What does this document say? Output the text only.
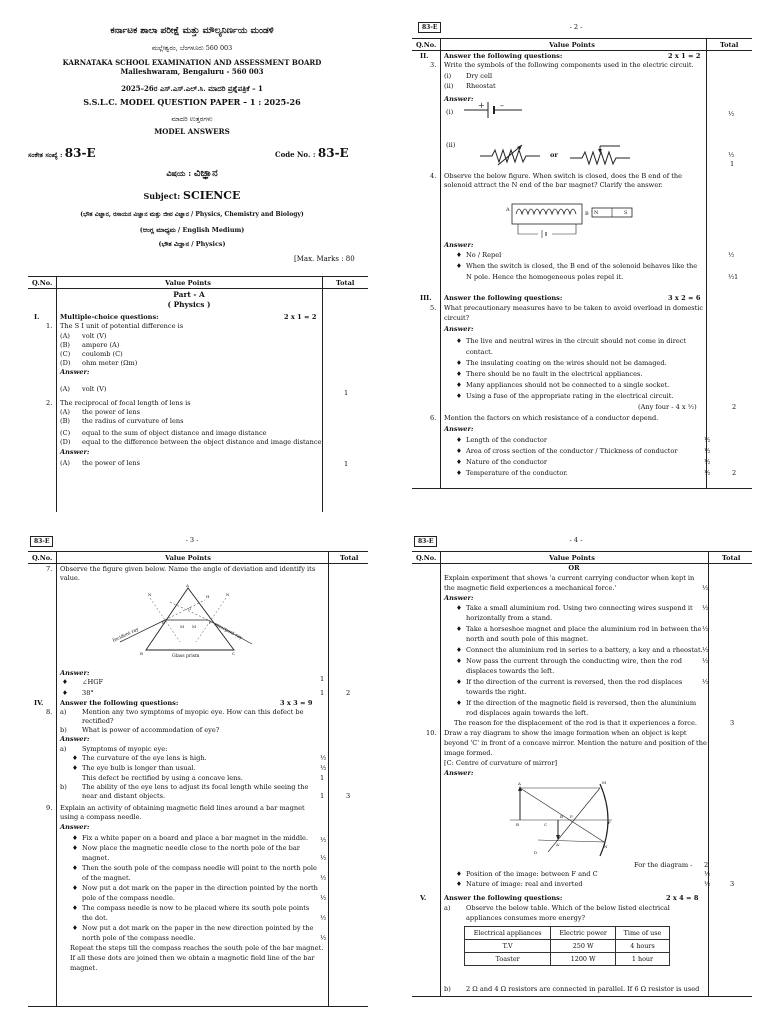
ಕರ್ನಾಟಕ ಶಾಲಾ ಪರೀಕ್ಷೆ ಮತ್ತು ಮೌಲ್ಯನಿರ್ಣಯ ಮಂಡಳಿ
ಮಲ್ಲೇಶ್ವರಂ, ಬೆಂಗಳೂರು 560 003
KARNATAKA SCHOOL EXAMINATION AND ASSESSMENT BOARD
Malleshwaram, Bengaluru - 560 003
2025–26ರ ಎಸ್.ಎಸ್.ಎಲ್.ಸಿ. ಮಾದರಿ ಪ್ರಶ್ನೆಪತ್ರಿಕೆ – 1
S.S.L.C. MODEL QUESTION PAPER – 1 : 2025-26
ಮಾದರಿ ಉತ್ತರಗಳು
MODEL ANSWERS
ಸಂಕೇತ ಸಂಖ್ಯೆ : 83-E	Code No. : 83-E
ವಿಷಯ : ವಿಜ್ಞಾನ
Subject: SCIENCE
(ಭೌತ ವಿಜ್ಞಾನ, ರಸಾಯನ ವಿಜ್ಞಾನ ಮತ್ತು ಜೀವ ವಿಜ್ಞಾನ / Physics, Chemistry and Biology)
(ಆಂಗ್ಲ ಮಾಧ್ಯಮ / English Medium)
(ಭೌತ ವಿಜ್ಞಾನ / Physics)
[Max. Marks : 80
Q.No.	Value Points	Total
Part - A
( Physics )
I.	Multiple-choice questions:	2 x 1 = 2
1. The S I unit of potential difference is
(A) volt (V)
(B) ampere (A)
(C) coulomb (C)
(D) ohm meter (Ωm)
Answer:
(A) volt (V)	1
2. The reciprocal of focal length of lens is
(A) the power of lens
(B) the radius of curvature of lens
(C) equal to the sum of object distance and image distance
(D) equal to the difference between the object distance and image distance
Answer:
(A) the power of lens	1
83-E	- 2 -
Q.No.	Value Points	Total
II. Answer the following questions:	2 x 1 = 2
3. Write the symbols of the following components used in the electric circuit.
(i) Dry cell
(ii) Rheostat
Answer:
(i)
+ –
½
(ii)
or	½
1
4. Observe the below figure. When switch is closed, does the B end of the
solenoid attract the N end of the bar magnet? Clarify the answer.
A
B N	S
Answer:
♦ No / Repel	½
♦ When the switch is closed, the B end of the solenoid behaves like the
N pole. Hence the homogeneous poles repel it.	½ 1
III. Answer the following questions:	3 x 2 = 6
5. What precautionary measures have to be taken to avoid overload in domestic
circuit?
Answer:
♦ The live and neutral wires in the circuit should not come in direct
contact.
♦ The insulating coating on the wires should not be damaged.
♦ There should be no fault in the electrical appliances.
♦ Many appliances should not be connected to a single socket.
♦ Using a fuse of the appropriate rating in the electrical circuit.
(Any four - 4 x ½)	2
6. Mention the factors on which resistance of a conductor depend.
Answer:
♦ Length of the conductor	½
♦ Area of cross section of the conductor / Thickness of conductor	½
♦ Nature of the conductor	½
♦ Temperature of the conductor.	½	2
83-E	- 3 -
Q.No.	Value Points	Total
7. Observe the figure given below. Name the angle of deviation and identify its
value.
A
B	C
E	F
G
H
N	N
M M
Incident ray	emergent ray
Glass prism
Answer:
♦ ∠HGF	1
♦ 38°	1	2
IV.	Answer the following questions:	3 x 3 = 9
8. a) Mention any two symptoms of myopic eye. How can this defect be
rectified?
b) What is power of accommodation of eye?
Answer:
a) Symptoms of myopic eye:
♦ The curvature of the eye lens is high.	½
♦ The eye bulb is longer than usual.	½
This defect be rectified by using a concave lens.	1
b) The ability of the eye lens to adjust its focal length while seeing the
near and distant objects.	1	3
9. Explain an activity of obtaining magnetic field lines around a bar magnet
using a compass needle.
Answer:
♦ Fix a white paper on a board and place a bar magnet in the middle. ½
♦ Now place the magnetic needle close to the north pole of the bar
magnet.	½
♦ Then the south pole of the compass needle will point to the north pole
of the magnet.	½
♦ Now put a dot mark on the paper in the direction pointed by the north
pole of the compass needle.	½
♦ The compass needle is now to be placed where its south pole points
the dot.	½
♦ Now put a dot mark on the paper in the new direction pointed by the
north pole of the compass needle.	½
Repeat the steps till the compass reaches the south pole of the bar magnet.
If all these dots are joined then we obtain a magnetic field line of the bar
magnet.
83-E	- 4 -
Q.No.	Value Points	Total
OR
Explain experiment that shows 'a current carrying conductor when kept in
the magnetic field experiences a mechanical force.'	½
Answer:
♦ Take a small aluminium rod. Using two connecting wires suspend it
horizontally from a stand.
½
♦ Take a horseshoe magnet and place the aluminium rod in between the
north and south pole of this magnet.
½
♦ Connect the aluminium rod in series to a battery, a key and a rheostat. ½
♦ Now pass the current through the conducting wire, then the rod
displaces towards the left.
½
♦ If the direction of the current is reversed, then the rod displaces
towards the right.
½
♦ If the direction of the magnetic field is reversed, then the aluminium
rod displaces again towards the left.
The reason for the displacement of the rod is that it experiences a force.	3
10. Draw a ray diagram to show the image formation when an object is kept
beyond 'C' in front of a concave mirror. Mention the nature and position of the
image formed.
[C: Centre of curvature of mirror]
Answer:
A
B	C
F
B'
A'
P
M
N
D
For the diagram - 2
♦ Position of the image: between F and C	½
♦ Nature of image: real and inverted	½	3
V.	Answer the following questions:	2 x 4 = 8
a) Observe the below table. Which of the below listed electrical
appliances consumes more energy?
Electrical appliances	Electric power	Time of use
T.V	250 W	4 hours
Toaster	1200 W	1 hour
b) 2 Ω and 4 Ω resistors are connected in parallel. If 6 Ω resistor is used
